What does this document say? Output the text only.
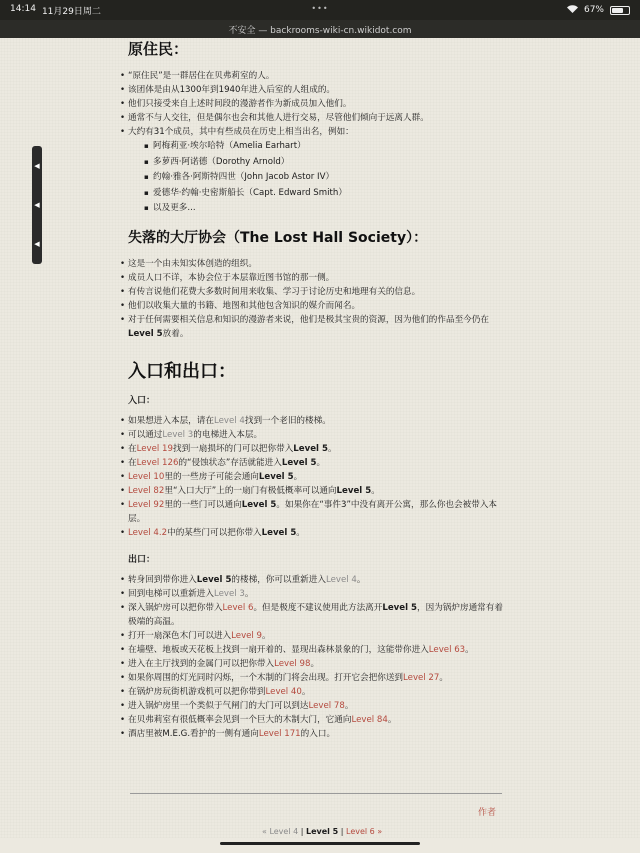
14:14 11月29日周二	•••	67%
不安全 — backrooms-wiki-cn.wikidot.com
◀
◀
◀
原住民：
• “原住民”是一群居住在贝弗莉室的人。
• 该团体是由从1300年到1940年进入后室的人组成的。
• 他们只接受来自上述时间段的漫游者作为新成员加入他们。
• 通常不与人交往，但是偶尔也会和其他人进行交易，尽管他们倾向于远离人群。
• 大约有31个成员，其中有些成员在历史上相当出名，例如：
▪ 阿梅莉亚·埃尔哈特（Amelia Earhart）
▪ 多萝西·阿诺德（Dorothy Arnold）
▪ 约翰·雅各·阿斯特四世（John Jacob Astor IV）
▪ 爱德华·约翰·史密斯船长（Capt. Edward Smith）
▪ 以及更多...
失落的大厅协会（The Lost Hall Society）：
• 这是一个由未知实体创造的组织。
• 成员人口不详，本协会位于本层靠近图书馆的那一侧。
• 有传言说他们花费大多数时间用来收集、学习于讨论历史和地理有关的信息。
• 他们以收集大量的书籍、地图和其他包含知识的媒介而闻名。
• 对于任何需要相关信息和知识的漫游者来说，他们是极其宝贵的资源，因为他们的作品至今仍在Level 5放着。
入口和出口：
入口：
• 如果想进入本层，请在Level 4找到一个老旧的楼梯。
• 可以通过Level 3的电梯进入本层。
• 在Level 19找到一扇损坏的门可以把你带入Level 5。
• 在Level 126的“侵蚀状态”存活就能进入Level 5。
• Level 10里的一些房子可能会通向Level 5。
• Level 82里“入口大厅”上的一扇门有极低概率可以通向Level 5。
• Level 92里的一些门可以通向Level 5。如果你在“事件3”中没有离开公寓，那么你也会被带入本层。
• Level 4.2中的某些门可以把你带入Level 5。
出口：
• 转身回到带你进入Level 5的楼梯，你可以重新进入Level 4。
• 回到电梯可以重新进入Level 3。
• 深入锅炉房可以把你带入Level 6。但是极度不建议使用此方法离开Level 5，因为锅炉房通常有着极端的高温。
• 打开一扇深色木门可以进入Level 9。
• 在墙壁、地板或天花板上找到一扇开着的、显现出森林景象的门，这能带你进入Level 63。
• 进入在主厅找到的金属门可以把你带入Level 98。
• 如果你周围的灯光同时闪烁，一个木制的门将会出现。打开它会把你送到Level 27。
• 在锅炉房玩街机游戏机可以把你带到Level 40。
• 进入锅炉房里一个类似于气闸门的大门可以到达Level 78。
• 在贝弗莉室有很低概率会见到一个巨大的木制大门，它通向Level 84。
• 酒店里被M.E.G.看护的一侧有通向Level 171的入口。
作者
« Level 4 | Level 5 | Level 6 »
